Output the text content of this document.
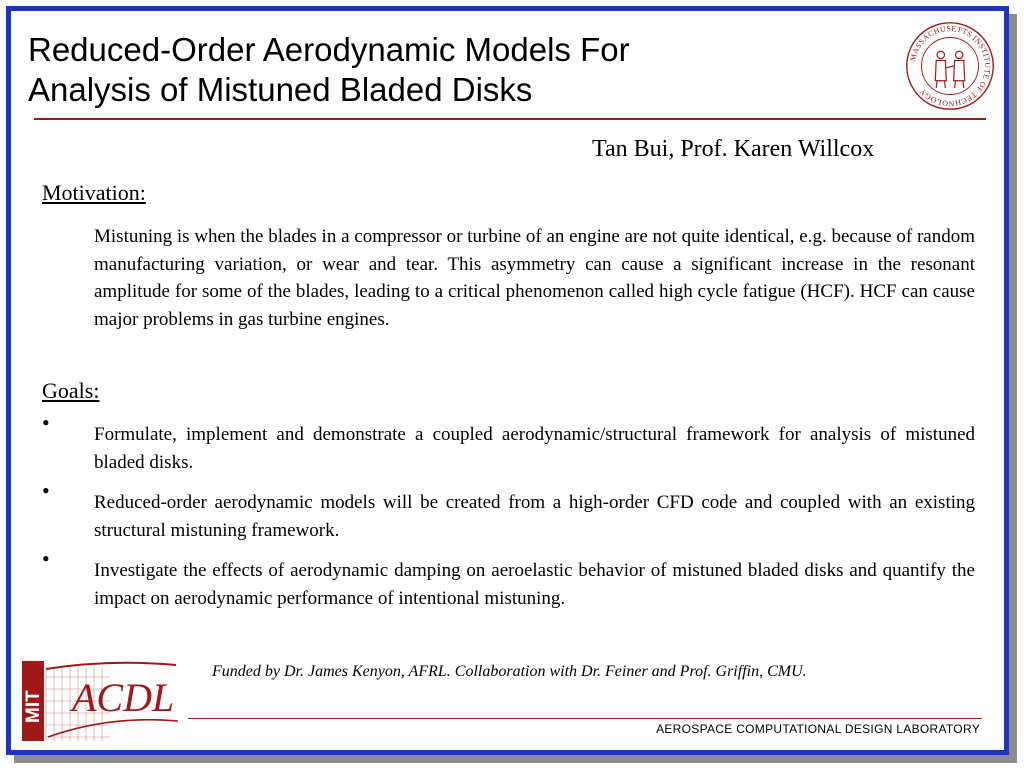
Reduced-Order Aerodynamic Models For
Analysis of Mistuned Bladed Disks
MASSACHUSETTS INSTITUTE OF TECHNOLOGY
Tan Bui, Prof. Karen Willcox
Motivation:

Mistuning is when the blades in a compressor or turbine of an engine are not quite identical, e.g. because of random manufacturing variation, or wear and tear. This asymmetry can cause a significant increase in the resonant amplitude for some of the blades, leading to a critical phenomenon called high cycle fatigue (HCF). HCF can cause major problems in gas turbine engines.

Goals:
• Formulate, implement and demonstrate a coupled aerodynamic/structural framework for analysis of mistuned bladed disks.

• Reduced-order aerodynamic models will be created from a high-order CFD code and coupled with an existing structural mistuning framework.

• Investigate the effects of aerodynamic damping on aeroelastic behavior of mistuned bladed disks and quantify the impact on aerodynamic performance of intentional mistuning.

MIT ACDL
Funded by Dr. James Kenyon, AFRL. Collaboration with Dr. Feiner and Prof. Griffin, CMU.
AEROSPACE COMPUTATIONAL DESIGN LABORATORY
